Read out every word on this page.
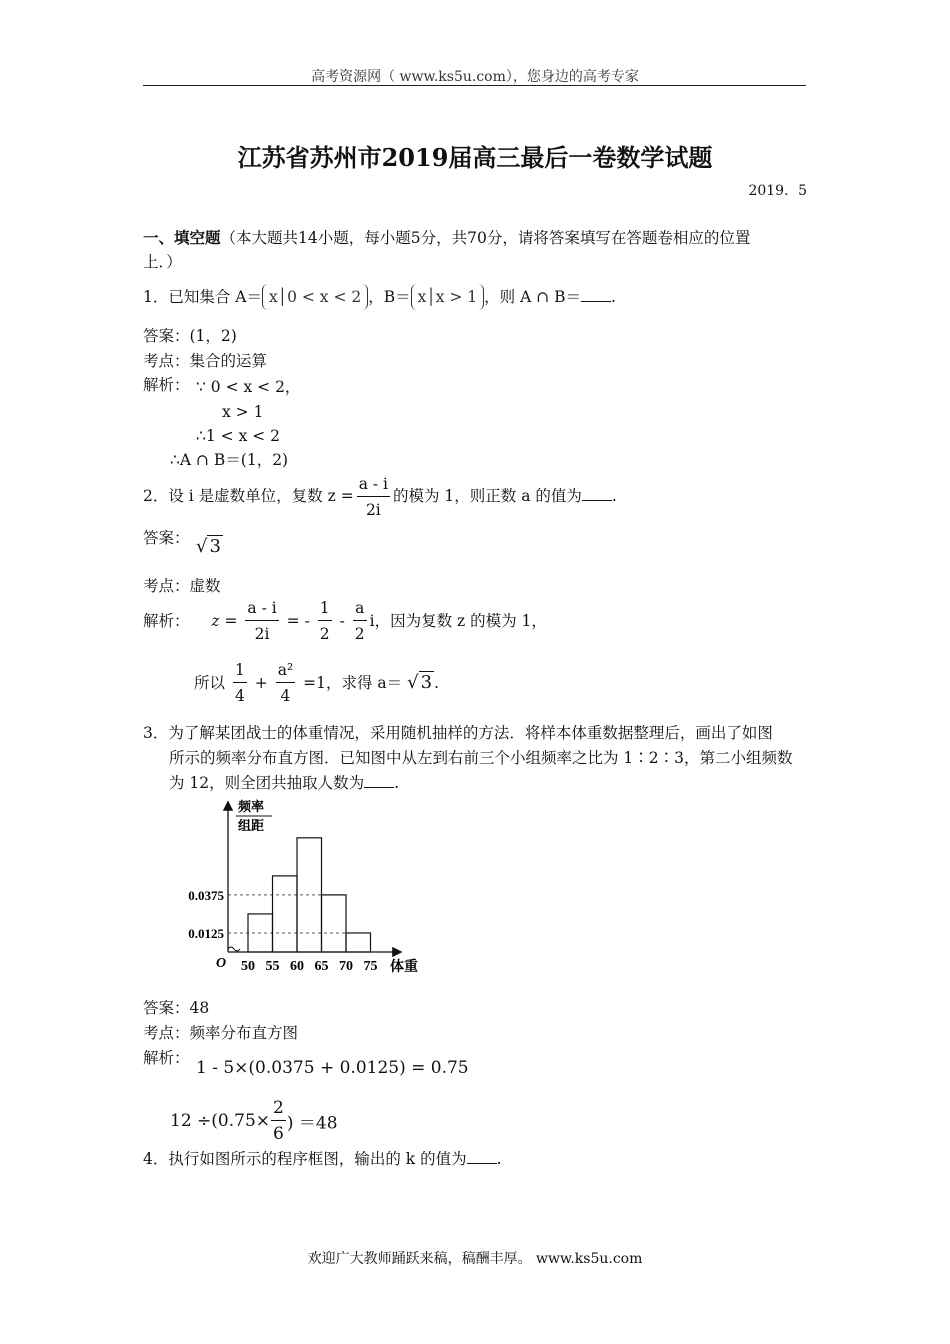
高考资源网（ www.ks5u.com），您身边的高考专家
江苏省苏州市2019届高三最后一卷数学试题
2019．5
一、填空题（本大题共14小题，每小题5分，共70分，请将答案填写在答题卷相应的位置
上．）
1．已知集合 A＝ x│0 < x < 2 ，B＝ x│x > 1 ，则 A ∩ B＝ .
答案：(1，2)
考点：集合的运算
解析： ∵ 0 < x < 2，
x > 1
∴1 < x < 2
∴A ∩ B＝(1，2)
2．设 i 是虚数单位，复数 $z = \frac{a - i}{2i}$ 的模为 1，则正数 a 的值为 .
答案： √ 3
考点：虚数
解析： $z = \frac{a - i}{2i}$ = - $\frac{1}{2} - \frac{a}{2}$ i，因为复数 z 的模为 1，
所以 $\frac{1}{4} + \frac{\text{a²}}{4} =1$，求得 a＝ √ 3 .
3．为了解某团战士的体重情况，采用随机抽样的方法．将样本体重数据整理后，画出了如图
所示的频率分布直方图．已知图中从左到右前三个小组频率之比为 1∶2∶3，第二小组频数
为 12，则全团共抽取人数为 .
0.0375
0.0125
50 55 60 65 70 75
频率
组距
体重
O
答案：48
考点：频率分布直方图
解析： 1 - 5×(0.0375 + 0.0125) = 0.75
$12 \div(0.75\times \frac{2}{6}$ ) ＝48
4．执行如图所示的程序框图，输出的 k 的值为 .
欢迎广大教师踊跃来稿，稿酬丰厚。 www.ks5u.com
